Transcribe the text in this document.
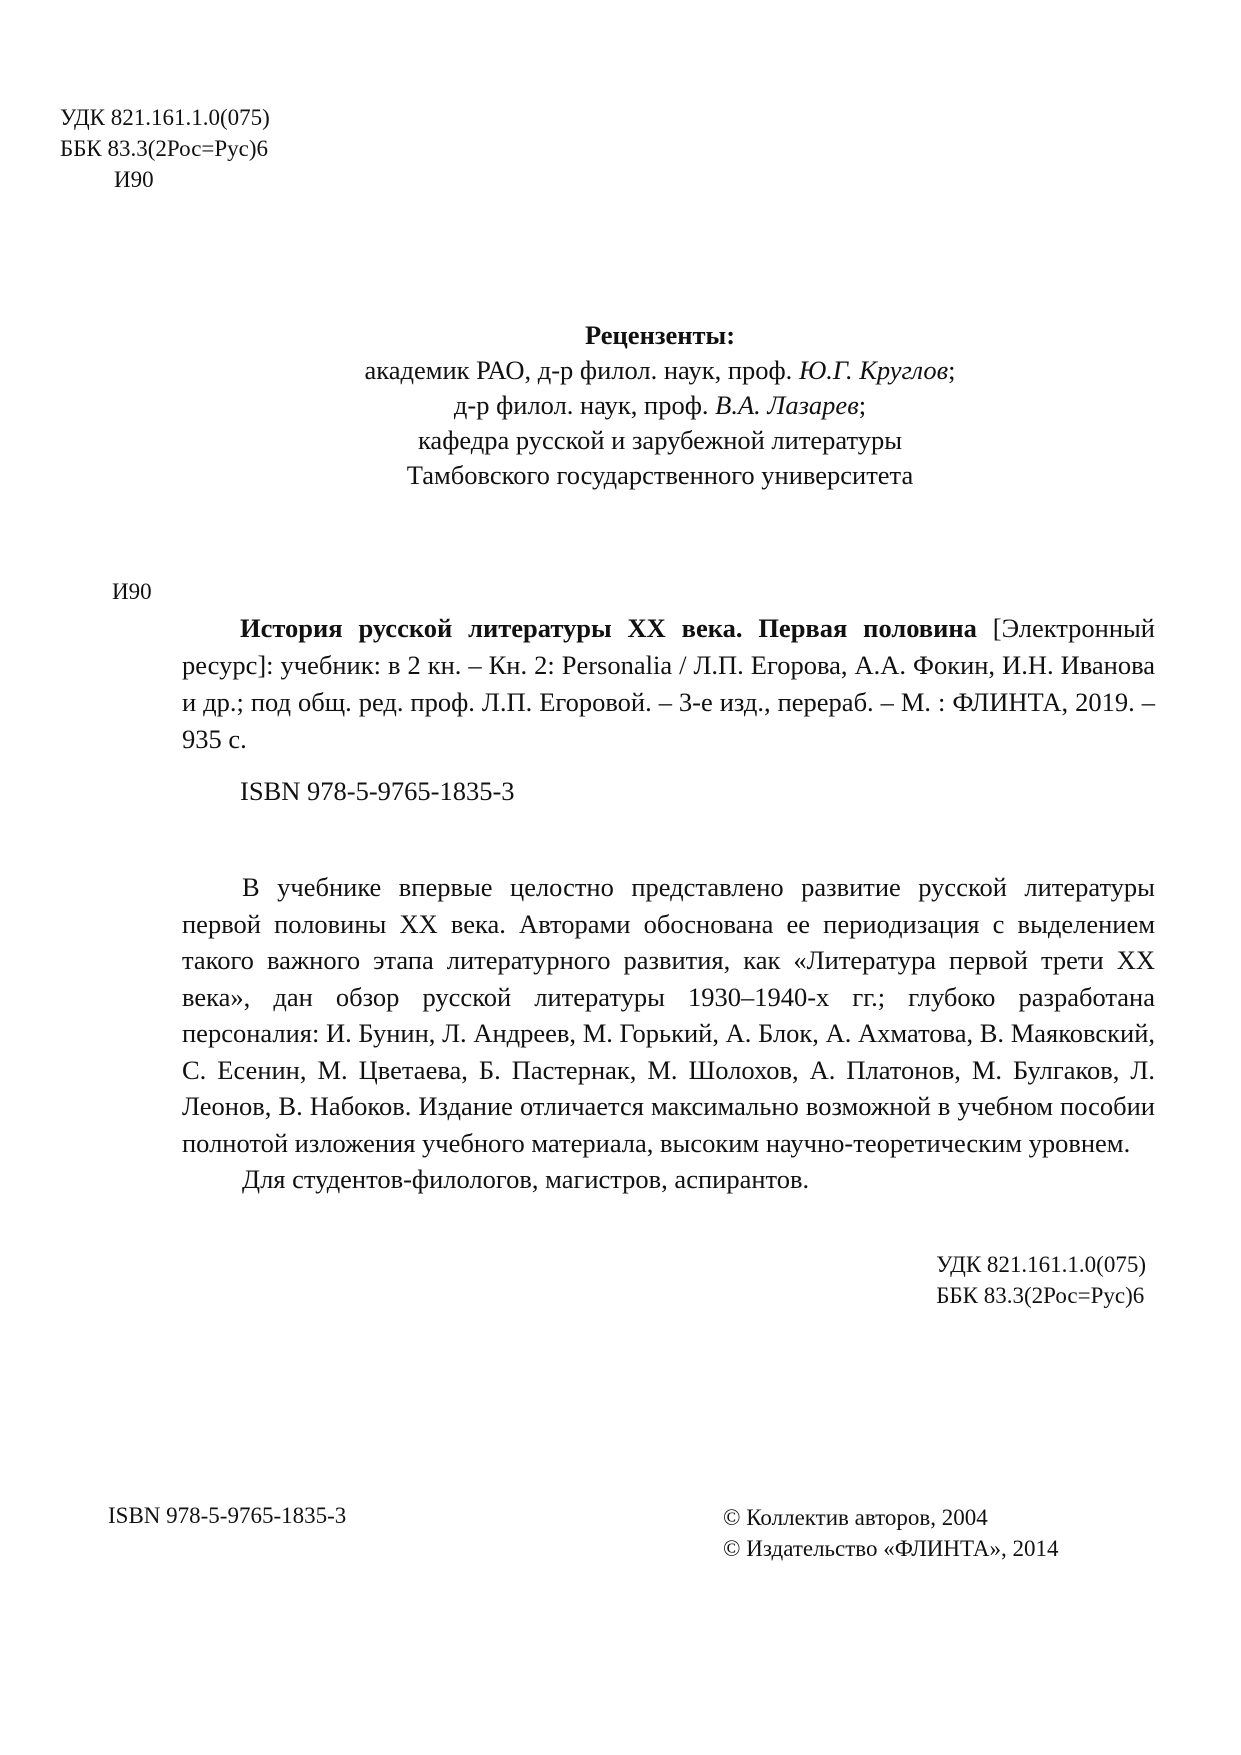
УДК 821.161.1.0(075)
ББК 83.3(2Рос=Рус)6
И90
Рецензенты:
академик РАО, д-р филол. наук, проф. Ю.Г. Круглов;
д-р филол. наук, проф. В.А. Лазарев;
кафедра русской и зарубежной литературы
Тамбовского государственного университета
И90
История русской литературы XX века. Первая половина [Электронный ресурс]: учебник: в 2 кн. – Кн. 2: Personalia / Л.П. Егорова, А.А. Фокин, И.Н. Иванова и др.; под общ. ред. проф. Л.П. Егоровой. – 3-е изд., перераб. – М. : ФЛИНТА, 2019. – 935 с.
ISBN 978-5-9765-1835-3

В учебнике впервые целостно представлено развитие русской литературы первой половины XX века. Авторами обоснована ее периодизация с выделением такого важного этапа литературного развития, как «Литература первой трети XX века», дан обзор русской литературы 1930–1940-х гг.; глубоко разработана персоналия: И. Бунин, Л. Андреев, М. Горький, А. Блок, А. Ахматова, В. Маяковский, С. Есенин, М. Цветаева, Б. Пастернак, М. Шолохов, А. Платонов, М. Булгаков, Л. Леонов, В. Набоков. Издание отличается максимально возможной в учебном пособии полнотой изложения учебного материала, высоким научно-теоретическим уровнем.

Для студентов-филологов, магистров, аспирантов.

УДК 821.161.1.0(075)
ББК 83.3(2Рос=Рус)6
ISBN 978-5-9765-1835-3	© Коллектив авторов, 2004
© Издательство «ФЛИНТА», 2014
